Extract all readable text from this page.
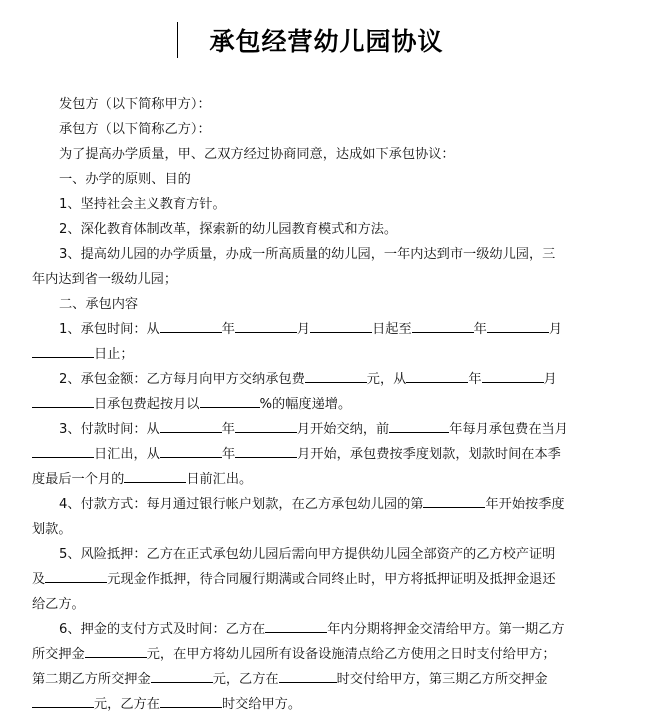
承包经营幼儿园协议
发包方（以下简称甲方）：
承包方（以下简称乙方）：
为了提高办学质量，甲、乙双方经过协商同意，达成如下承包协议：
一、办学的原则、目的
1、坚持社会主义教育方针。
2、深化教育体制改革，探索新的幼儿园教育模式和方法。
3、提高幼儿园的办学质量，办成一所高质量的幼儿园，一年内达到市一级幼儿园，三
年内达到省一级幼儿园；
二、承包内容
1、承包时间：从	年	月	日起至	年	月
日止；
2、承包金额：乙方每月向甲方交纳承包费	元，从	年	月
日承包费起按月以	%的幅度递增。
3、付款时间：从	年	月开始交纳，前	年每月承包费在当月
日汇出，从	年	月开始，承包费按季度划款，划款时间在本季
度最后一个月的	日前汇出。
4、付款方式：每月通过银行帐户划款，在乙方承包幼儿园的第	年开始按季度
划款。
5、风险抵押：乙方在正式承包幼儿园后需向甲方提供幼儿园全部资产的乙方校产证明
及	元现金作抵押，待合同履行期满或合同终止时，甲方将抵押证明及抵押金退还
给乙方。
6、押金的支付方式及时间：乙方在	年内分期将押金交清给甲方。第一期乙方
所交押金	元，在甲方将幼儿园所有设备设施清点给乙方使用之日时支付给甲方；
第二期乙方所交押金	元，乙方在	时交付给甲方，第三期乙方所交押金
元，乙方在	时交给甲方。
